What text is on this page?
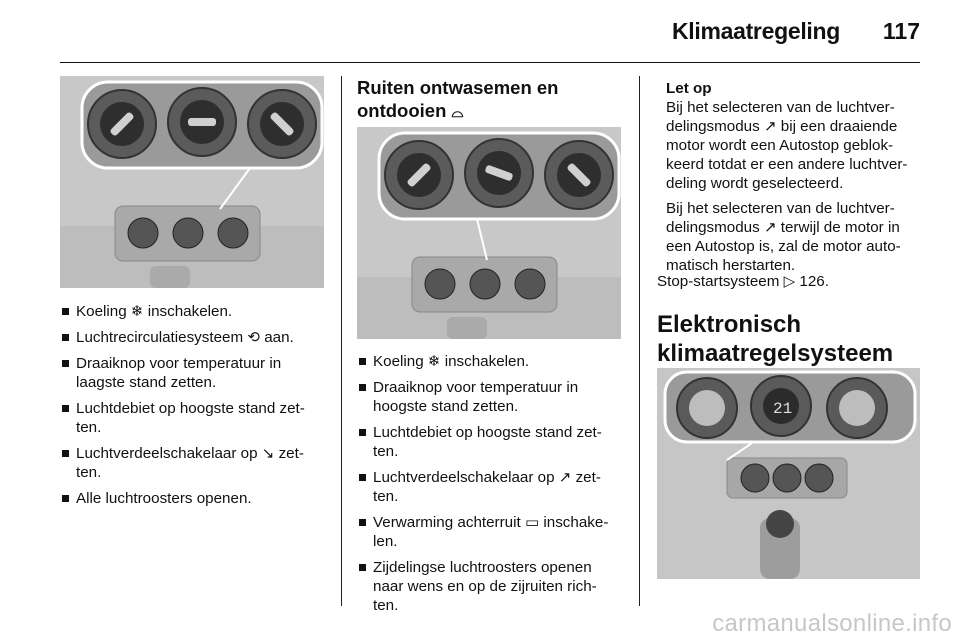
Klimaatregeling 117
Koeling ❄ inschakelen.
Luchtrecirculatiesysteem ⟲ aan.
Draaiknop voor temperatuur in laagste stand zetten.
Luchtdebiet op hoogste stand zet‑ ten.
Luchtverdeelschakelaar op ↘ zet‑ ten.
Alle luchtroosters openen.
Ruiten ontwasemen en ontdooien ⌓
Koeling ❄ inschakelen.
Draaiknop voor temperatuur in hoogste stand zetten.
Luchtdebiet op hoogste stand zet‑ ten.
Luchtverdeelschakelaar op ↗ zet‑ ten.
Verwarming achterruit ▭ inschake‑ len.
Zijdelingse luchtroosters openen naar wens en op de zijruiten rich‑ ten.
Let op

Bij het selecteren van de luchtver‑ delingsmodus ↗ bij een draaiende motor wordt een Autostop geblok‑ keerd totdat er een andere luchtver‑ deling wordt geselecteerd.

Bij het selecteren van de luchtver‑ delingsmodus ↗ terwijl de motor in een Autostop is, zal de motor auto‑ matisch herstarten.

Stop-startsysteem ▷ 126.
Elektronisch klimaatregelsysteem
21
carmanualsonline.info
